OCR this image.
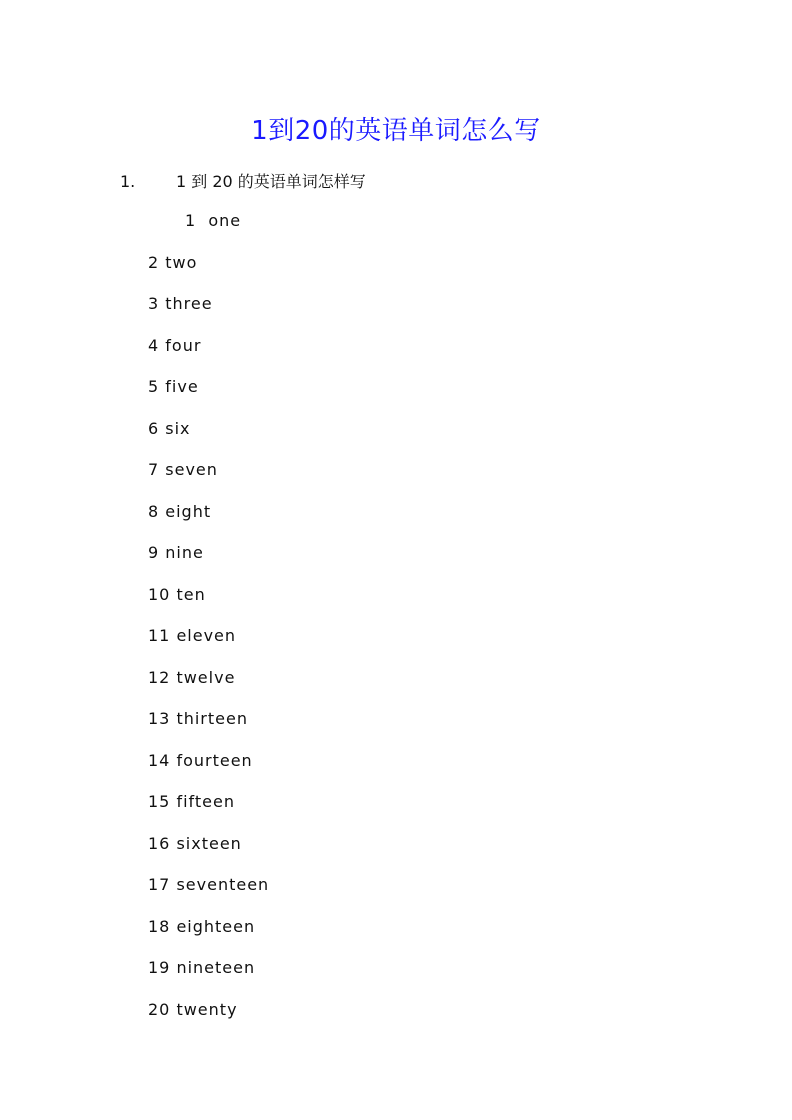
1到20的英语单词怎么写
1.	1 到 20 的英语单词怎样写
1  one
2 two
3 three
4 four
5 five
6 six
7 seven
8 eight
9 nine
10 ten
11 eleven
12 twelve
13 thirteen
14 fourteen
15 fifteen
16 sixteen
17 seventeen
18 eighteen
19 nineteen
20 twenty
